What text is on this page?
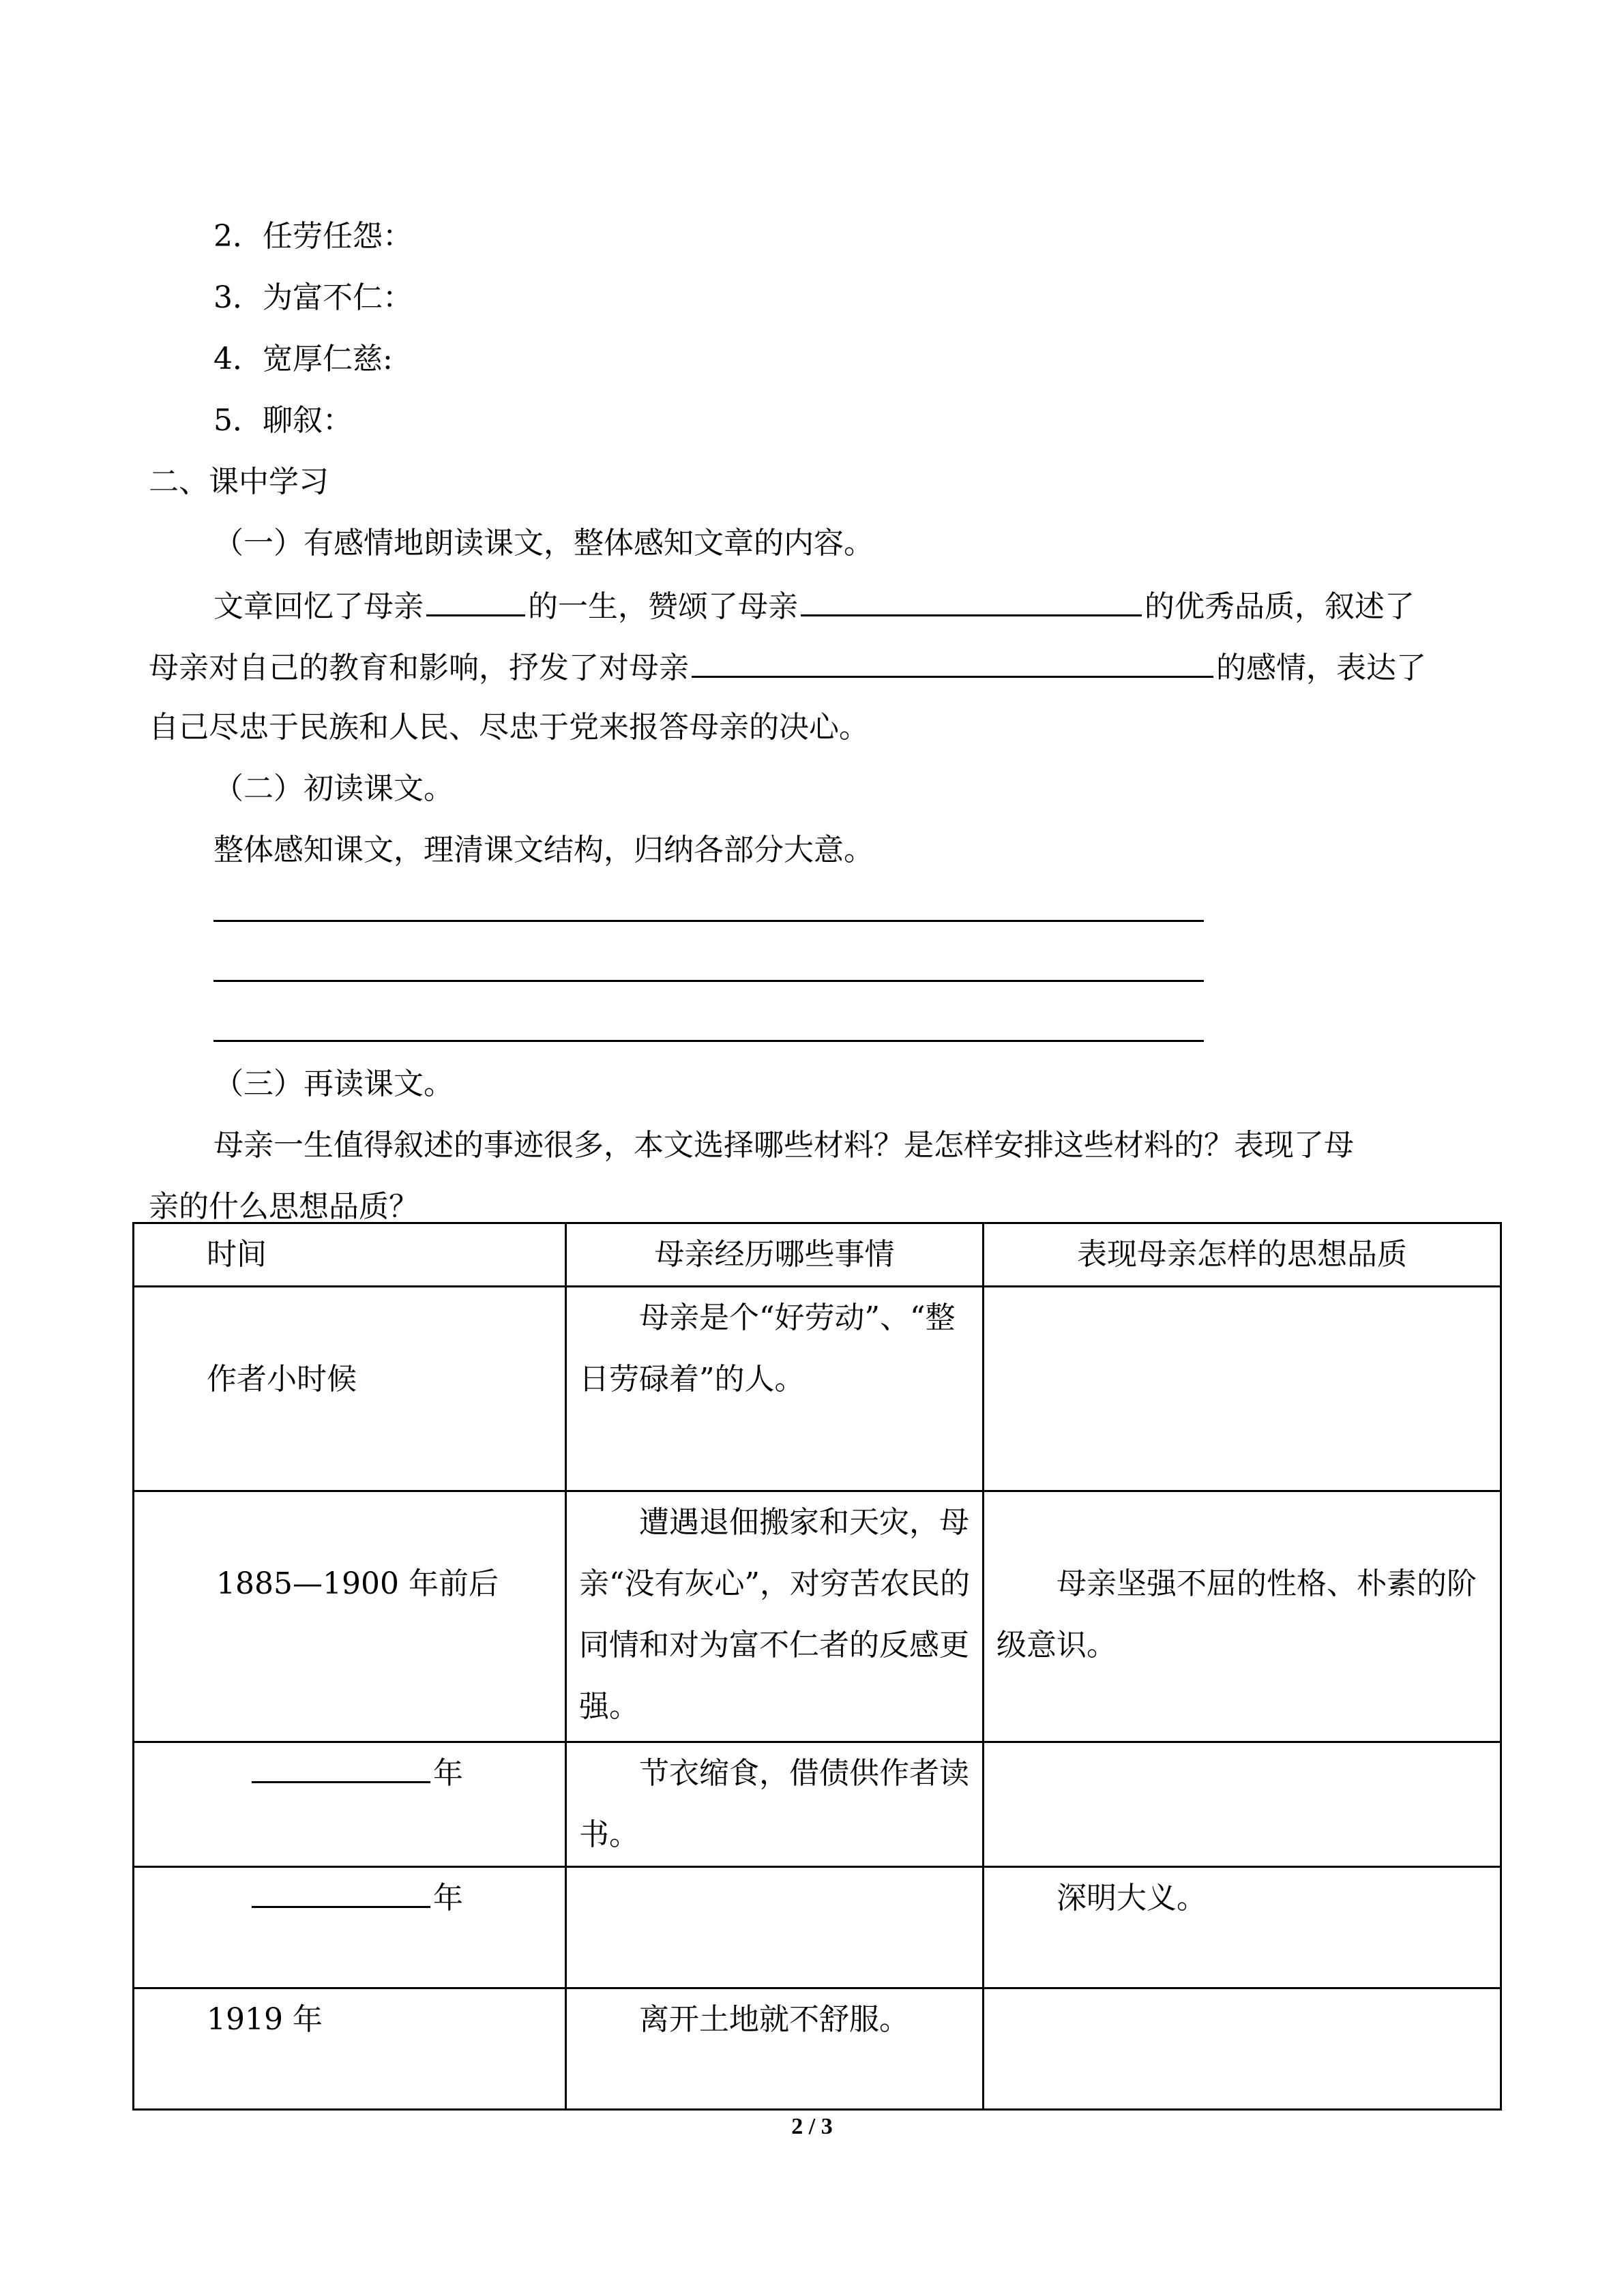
2．任劳任怨：
3．为富不仁：
4．宽厚仁慈:
5．聊叙：
二、课中学习
（一）有感情地朗读课文，整体感知文章的内容。
文章回忆了母亲	的一生，赞颂了母亲	的优秀品质，叙述了
母亲对自己的教育和影响，抒发了对母亲	的感情，表达了
自己尽忠于民族和人民、尽忠于党来报答母亲的决心。
（二）初读课文。
整体感知课文，理清课文结构，归纳各部分大意。
（三）再读课文。
母亲一生值得叙述的事迹很多，本文选择哪些材料？是怎样安排这些材料的？表现了母
亲的什么思想品质？
时间	母亲经历哪些事情	表现母亲怎样的思想品质

作者小时候	母亲是个“好劳动”、“整日劳碌着”的人。	

1885—1900 年前后	遭遇退佃搬家和天灾，母亲“没有灰心”，对穷苦农民的同情和对为富不仁者的反感更强。	母亲坚强不屈的性格、朴素的阶级意识。

年	节衣缩食，借债供作者读书。	

年		深明大义。

1919 年	离开土地就不舒服。	

2 / 3
